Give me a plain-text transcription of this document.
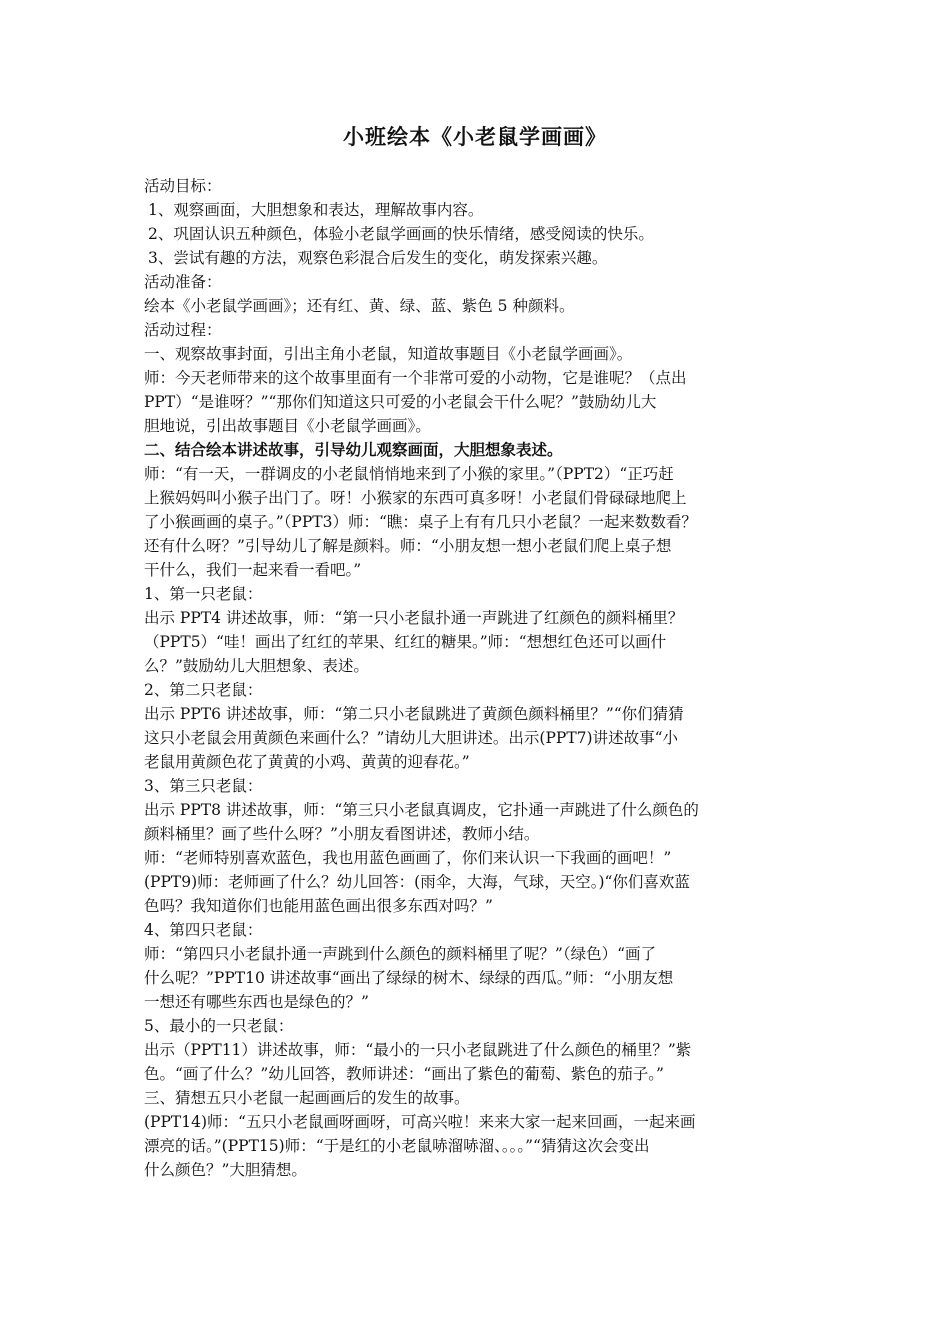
小班绘本《小老鼠学画画》
活动目标：
1、观察画面，大胆想象和表达，理解故事内容。
2、巩固认识五种颜色，体验小老鼠学画画的快乐情绪，感受阅读的快乐。
3、尝试有趣的方法，观察色彩混合后发生的变化，萌发探索兴趣。
活动准备：
绘本《小老鼠学画画》；还有红、黄、绿、蓝、紫色 5 种颜料。
活动过程：
一、观察故事封面，引出主角小老鼠，知道故事题目《小老鼠学画画》。
师：今天老师带来的这个故事里面有一个非常可爱的小动物，它是谁呢？（点出
PPT）“是谁呀？”“那你们知道这只可爱的小老鼠会干什么呢？”鼓励幼儿大
胆地说，引出故事题目《小老鼠学画画》。
二、结合绘本讲述故事，引导幼儿观察画面，大胆想象表述。
师：“有一天，一群调皮的小老鼠悄悄地来到了小猴的家里。”（PPT2）“正巧赶
上猴妈妈叫小猴子出门了。呀！小猴家的东西可真多呀！小老鼠们骨碌碌地爬上
了小猴画画的桌子。”（PPT3）师：“瞧：桌子上有有几只小老鼠？一起来数数看？
还有什么呀？”引导幼儿了解是颜料。师：“小朋友想一想小老鼠们爬上桌子想
干什么，我们一起来看一看吧。”
1、第一只老鼠：
出示 PPT4 讲述故事，师：“第一只小老鼠扑通一声跳进了红颜色的颜料桶里？
（PPT5）“哇！画出了红红的苹果、红红的糖果。”师：“想想红色还可以画什
么？”鼓励幼儿大胆想象、表述。
2、第二只老鼠：
出示 PPT6 讲述故事，师：“第二只小老鼠跳进了黄颜色颜料桶里？”“你们猜猜
这只小老鼠会用黄颜色来画什么？”请幼儿大胆讲述。出示(PPT7)讲述故事“小
老鼠用黄颜色花了黄黄的小鸡、黄黄的迎春花。”
3、第三只老鼠：
出示 PPT8 讲述故事，师：“第三只小老鼠真调皮，它扑通一声跳进了什么颜色的
颜料桶里？画了些什么呀？”小朋友看图讲述，教师小结。
师：“老师特别喜欢蓝色，我也用蓝色画画了，你们来认识一下我画的画吧！”
(PPT9)师：老师画了什么？幼儿回答：(雨伞，大海，气球，天空。)“你们喜欢蓝
色吗？我知道你们也能用蓝色画出很多东西对吗？”
4、第四只老鼠：
师：“第四只小老鼠扑通一声跳到什么颜色的颜料桶里了呢？”（绿色）“画了
什么呢？”PPT10 讲述故事“画出了绿绿的树木、绿绿的西瓜。”师：“小朋友想
一想还有哪些东西也是绿色的？”
5、最小的一只老鼠：
出示（PPT11）讲述故事，师：“最小的一只小老鼠跳进了什么颜色的桶里？”紫
色。“画了什么？”幼儿回答，教师讲述：“画出了紫色的葡萄、紫色的茄子。”
三、猜想五只小老鼠一起画画后的发生的故事。
(PPT14)师：“五只小老鼠画呀画呀，可高兴啦！来来大家一起来回画，一起来画
漂亮的话。”(PPT15)师：“于是红的小老鼠哧溜哧溜、。。。”“猜猜这次会变出
什么颜色？”大胆猜想。
